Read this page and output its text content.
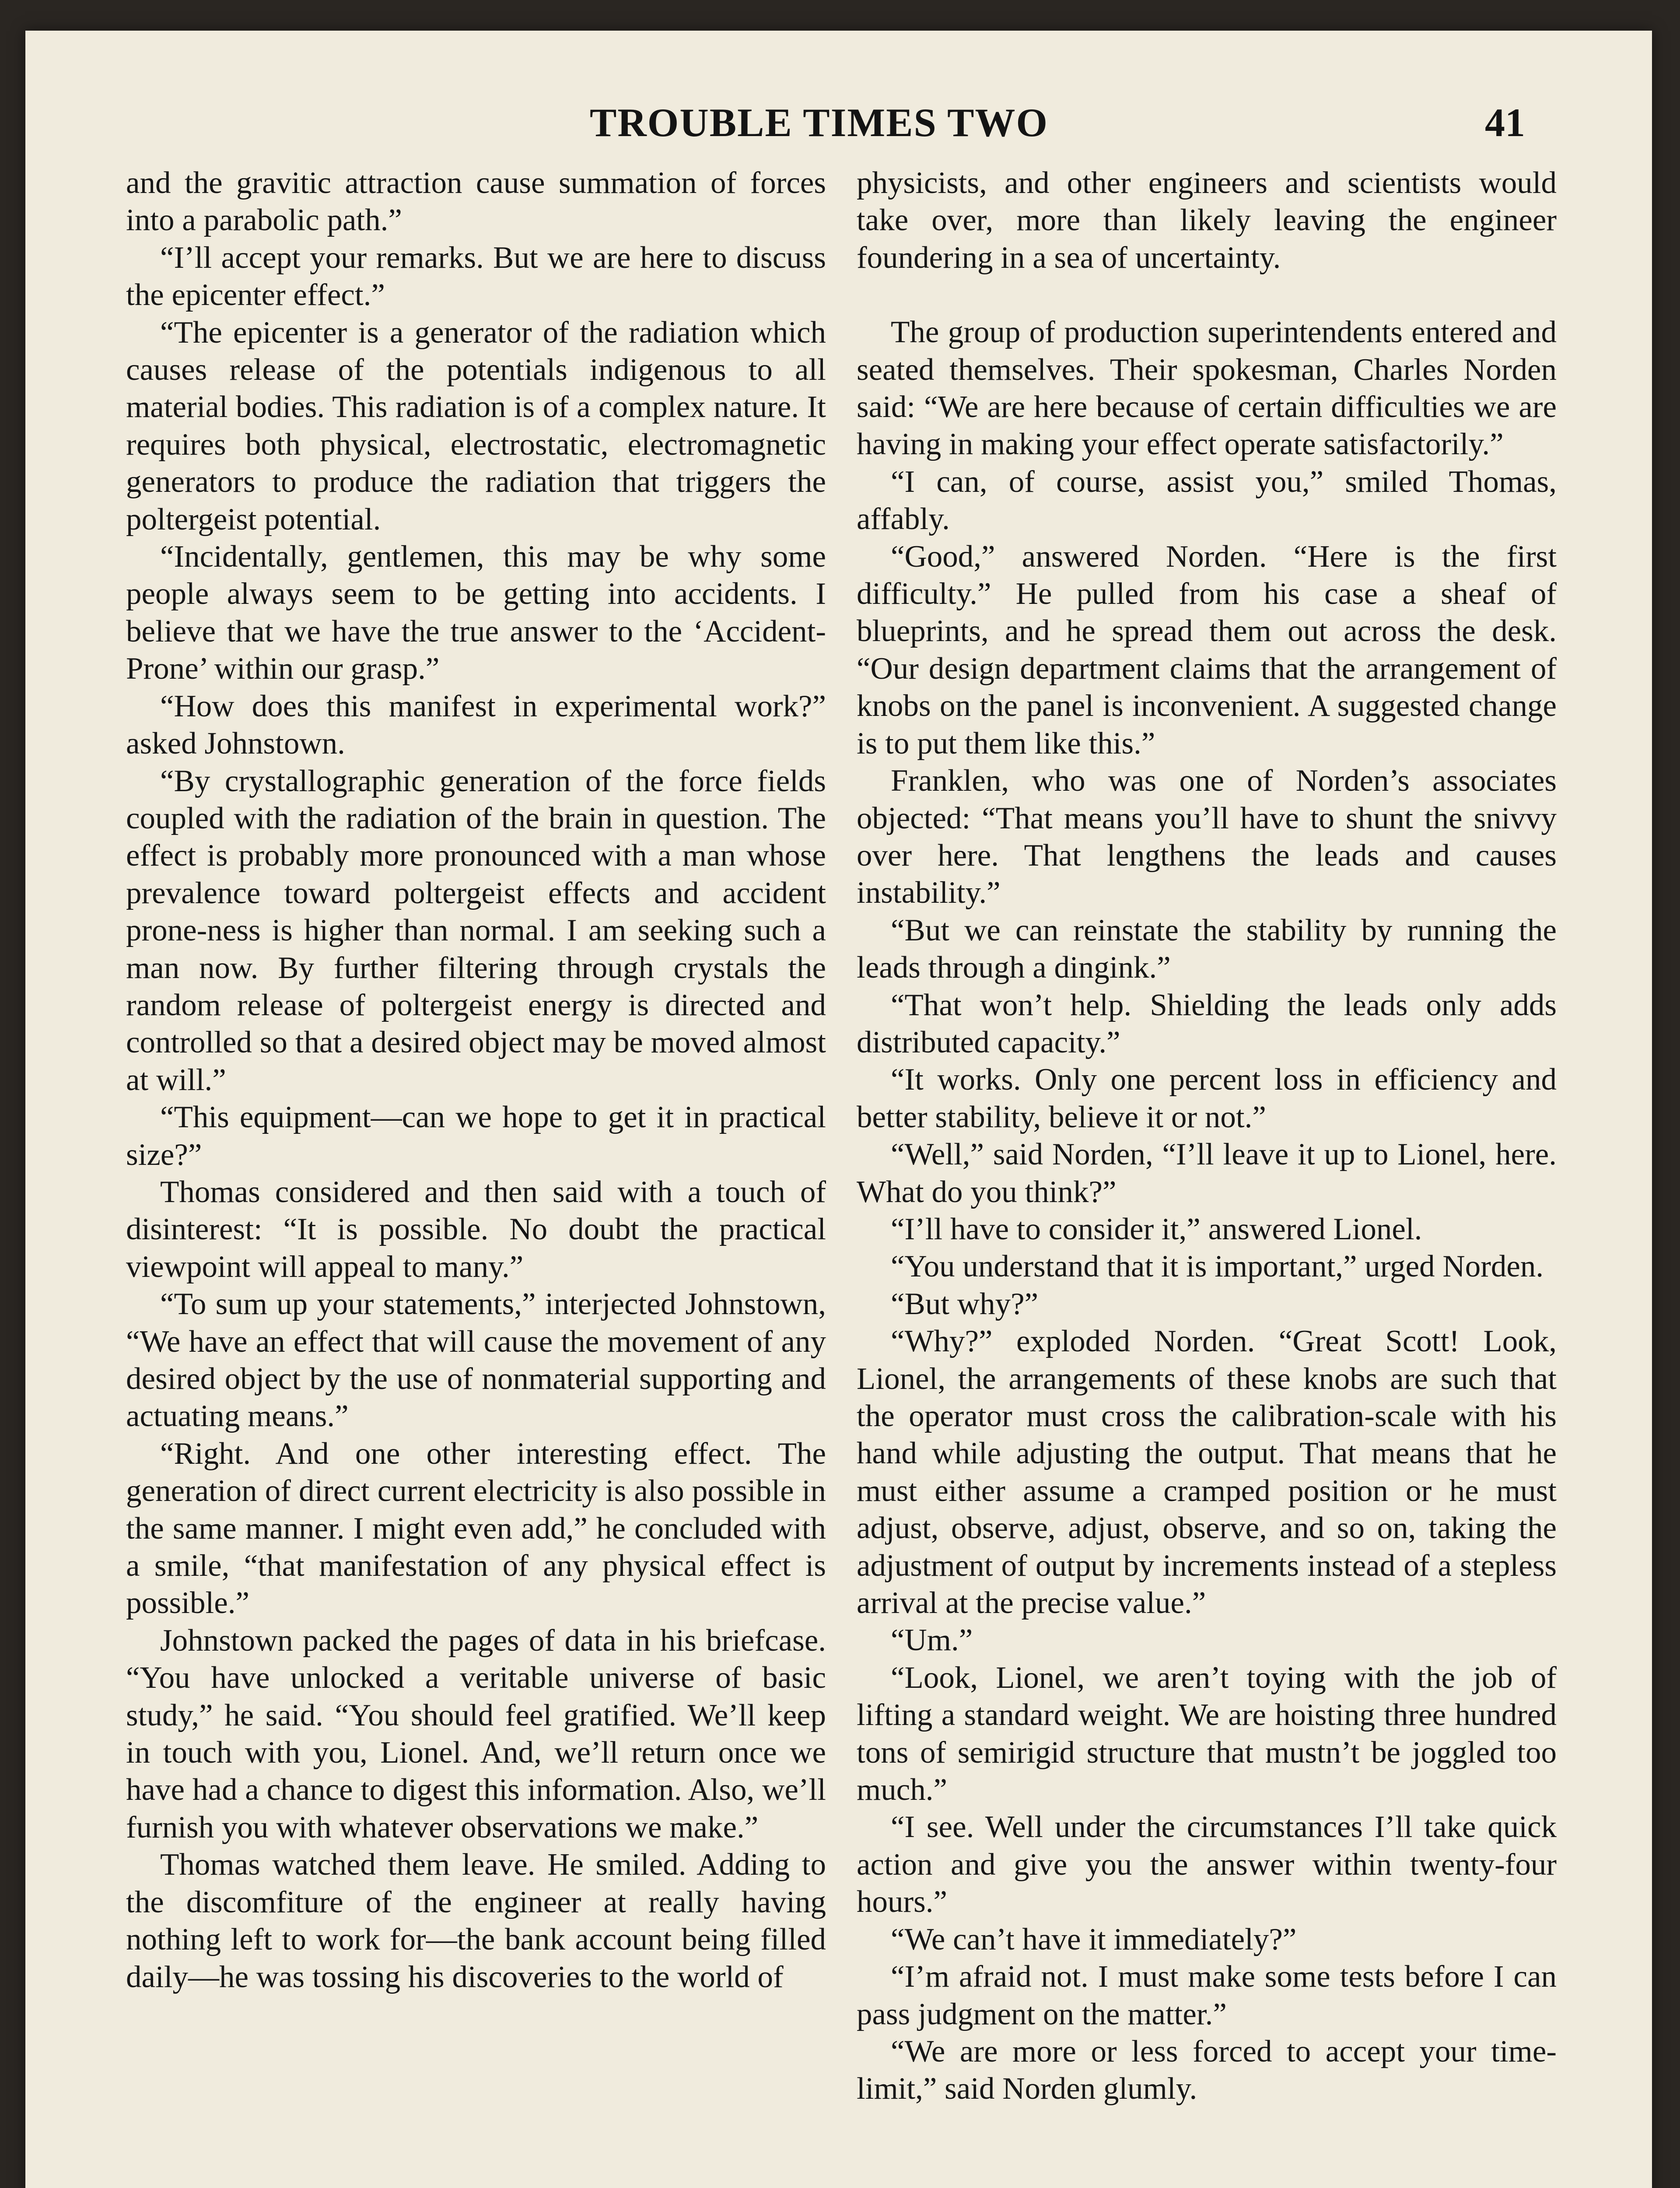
TROUBLE TIMES TWO	41

and the gravitic attraction cause summation of forces into a parabolic path.”

“I’ll accept your remarks. But we are here to discuss the epicenter effect.”

“The epicenter is a generator of the radiation which causes release of the potentials indigenous to all material bodies. This radiation is of a complex nature. It requires both physical, electrostatic, electromagnetic generators to produce the radiation that triggers the poltergeist potential.

“Incidentally, gentlemen, this may be why some people always seem to be getting into accidents. I believe that we have the true answer to the ‘Accident-Prone’ within our grasp.”

“How does this manifest in experimental work?” asked Johnstown.

“By crystallographic generation of the force fields coupled with the radiation of the brain in question. The effect is probably more pronounced with a man whose prevalence toward poltergeist effects and accident prone-ness is higher than normal. I am seeking such a man now. By further filtering through crystals the random release of poltergeist energy is directed and controlled so that a desired object may be moved almost at will.”

“This equipment—can we hope to get it in practical size?”

Thomas considered and then said with a touch of disinterest: “It is possible. No doubt the practical viewpoint will appeal to many.”

“To sum up your statements,” interjected Johnstown, “We have an effect that will cause the movement of any desired object by the use of nonmaterial supporting and actuating means.”

“Right. And one other interesting effect. The generation of direct current electricity is also possible in the same manner. I might even add,” he concluded with a smile, “that manifestation of any physical effect is possible.”

Johnstown packed the pages of data in his briefcase. “You have unlocked a veritable universe of basic study,” he said. “You should feel gratified. We’ll keep in touch with you, Lionel. And, we’ll return once we have had a chance to digest this information. Also, we’ll furnish you with whatever observations we make.”

Thomas watched them leave. He smiled. Adding to the discomfiture of the engineer at really having nothing left to work for—the bank account being filled daily—he was tossing his discoveries to the world of

physicists, and other engineers and scientists would take over, more than likely leaving the engineer foundering in a sea of uncertainty.

The group of production superintendents entered and seated themselves. Their spokesman, Charles Norden said: “We are here because of certain difficulties we are having in making your effect operate satisfactorily.”

“I can, of course, assist you,” smiled Thomas, affably.

“Good,” answered Norden. “Here is the first difficulty.” He pulled from his case a sheaf of blueprints, and he spread them out across the desk. “Our design department claims that the arrangement of knobs on the panel is inconvenient. A suggested change is to put them like this.”

Franklen, who was one of Norden’s associates objected: “That means you’ll have to shunt the snivvy over here. That lengthens the leads and causes instability.”

“But we can reinstate the stability by running the leads through a dingink.”

“That won’t help. Shielding the leads only adds distributed capacity.”

“It works. Only one percent loss in efficiency and better stability, believe it or not.”

“Well,” said Norden, “I’ll leave it up to Lionel, here. What do you think?”

“I’ll have to consider it,” answered Lionel.

“You understand that it is important,” urged Norden.

“But why?”

“Why?” exploded Norden. “Great Scott! Look, Lionel, the arrangements of these knobs are such that the operator must cross the calibration-scale with his hand while adjusting the output. That means that he must either assume a cramped position or he must adjust, observe, adjust, observe, and so on, taking the adjustment of output by increments instead of a stepless arrival at the precise value.”

“Um.”

“Look, Lionel, we aren’t toying with the job of lifting a standard weight. We are hoisting three hundred tons of semirigid structure that mustn’t be joggled too much.”

“I see. Well under the circumstances I’ll take quick action and give you the answer within twenty-four hours.”

“We can’t have it immediately?”

“I’m afraid not. I must make some tests before I can pass judgment on the matter.”

“We are more or less forced to accept your time-limit,” said Norden glumly.
